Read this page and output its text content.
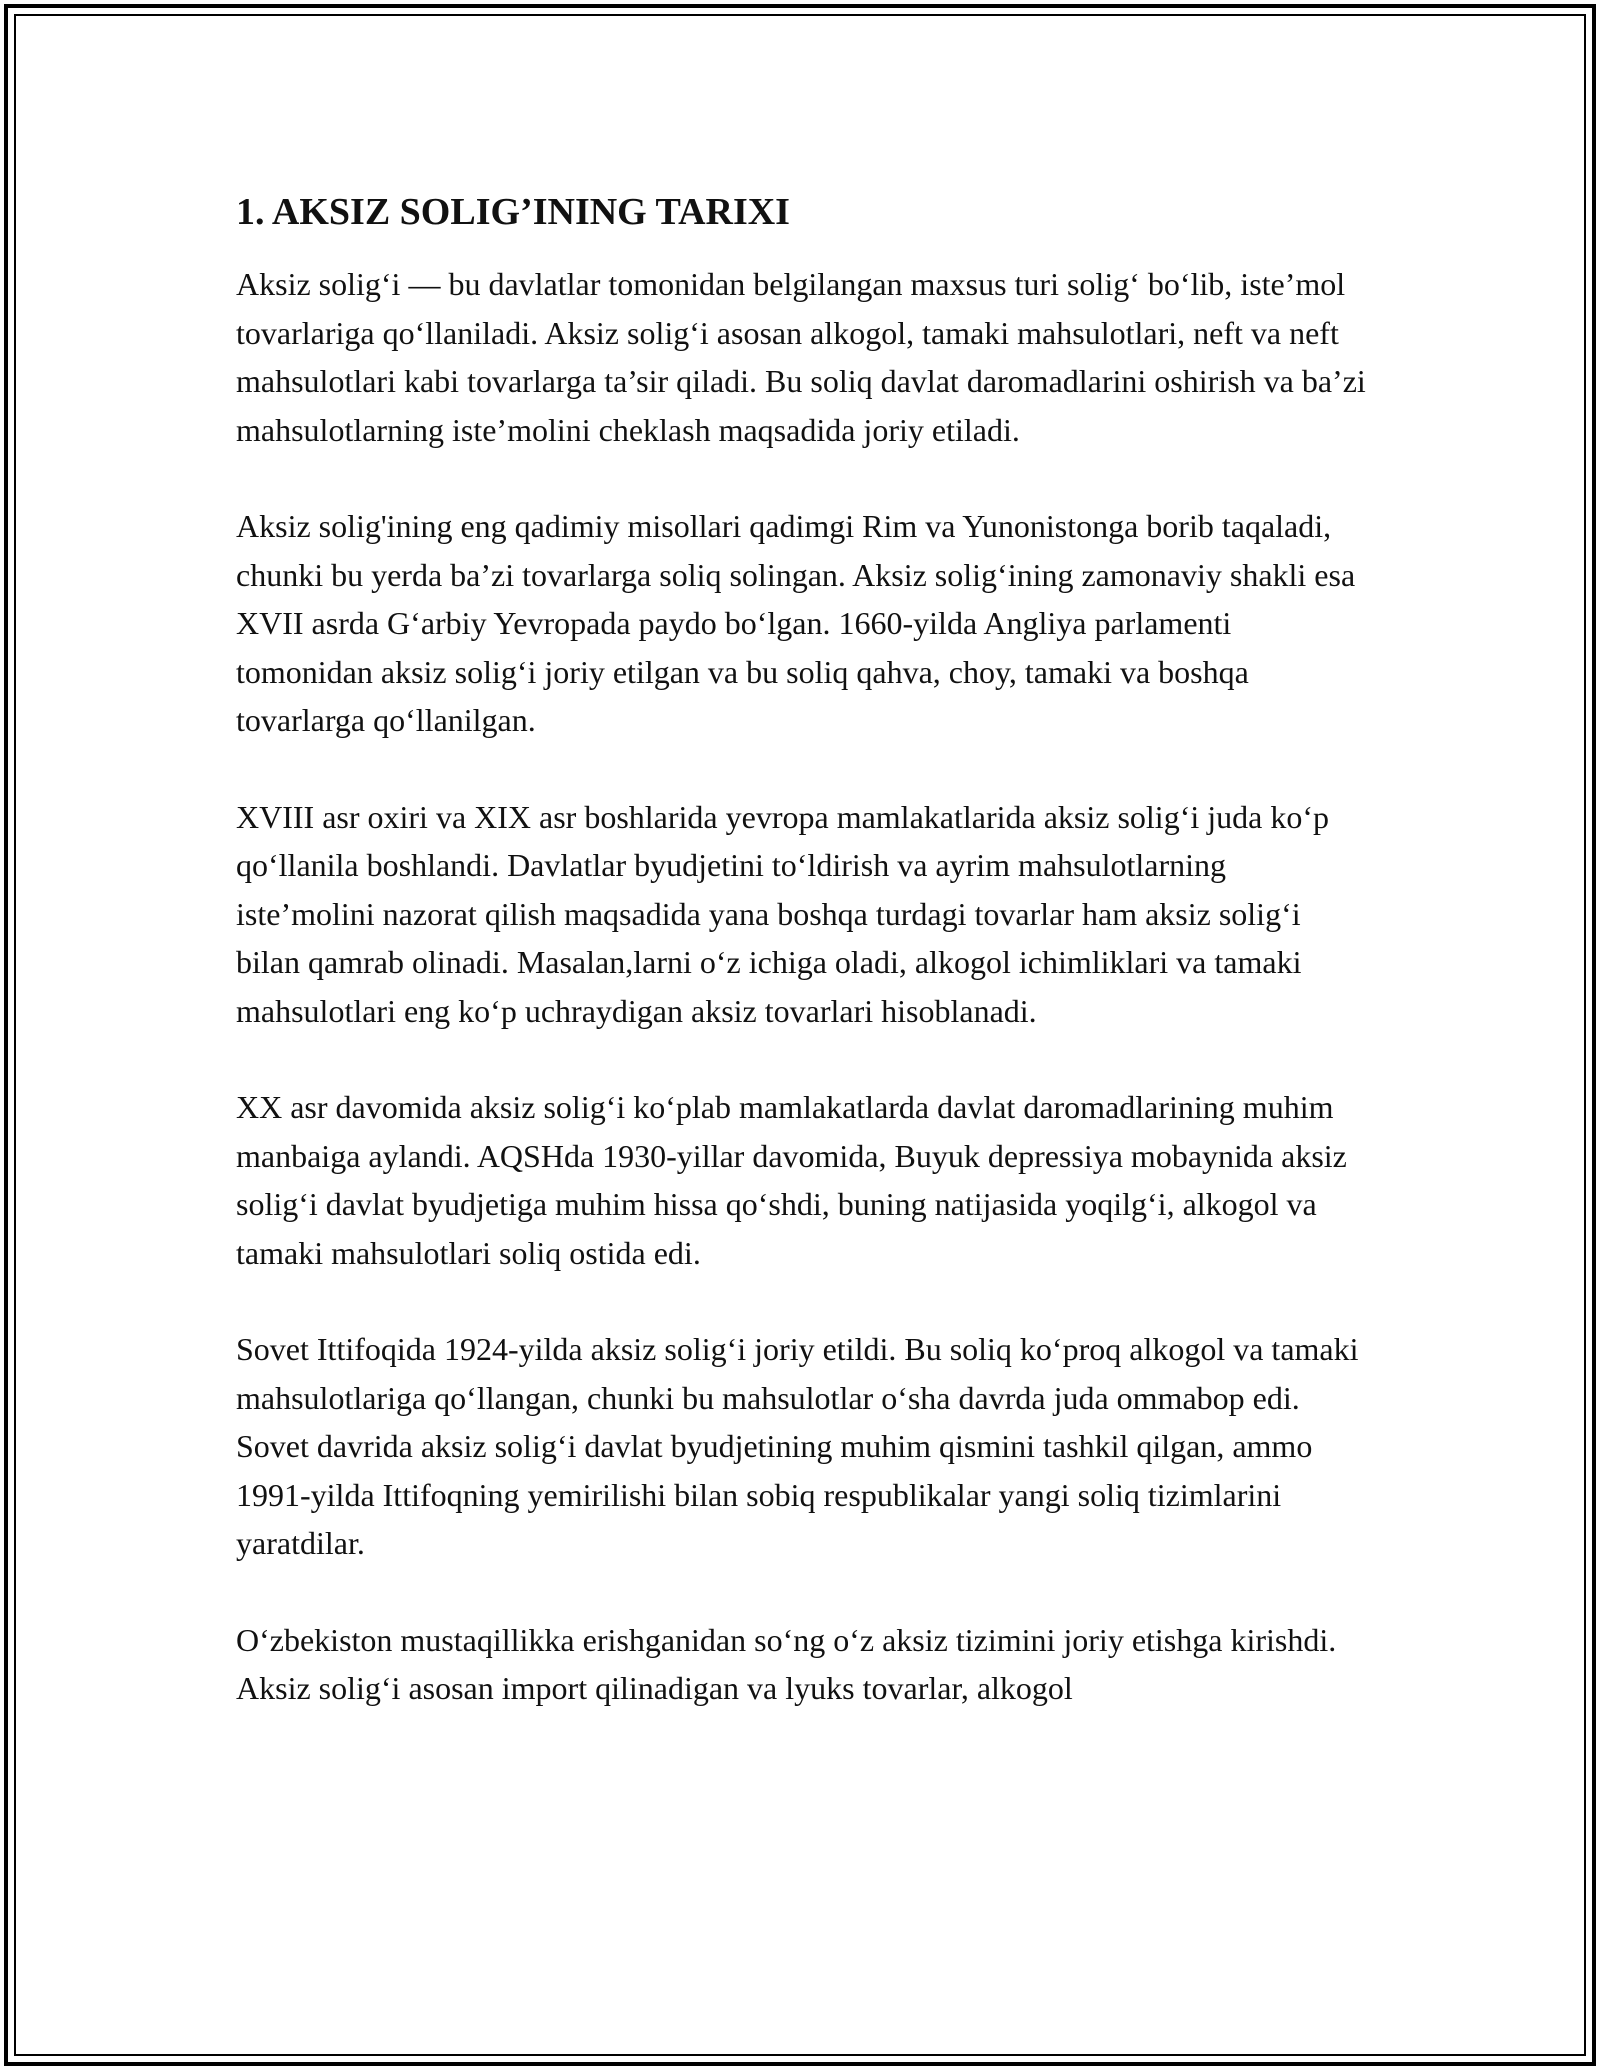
1. AKSIZ SOLIG’INING TARIXI

Aksiz solig‘i — bu davlatlar tomonidan belgilangan maxsus turi solig‘ bo‘lib, iste’mol tovarlariga qo‘llaniladi. Aksiz solig‘i asosan alkogol, tamaki mahsulotlari, neft va neft mahsulotlari kabi tovarlarga ta’sir qiladi. Bu soliq davlat daromadlarini oshirish va ba’zi mahsulotlarning iste’molini cheklash maqsadida joriy etiladi.

Aksiz solig'ining eng qadimiy misollari qadimgi Rim va Yunonistonga borib taqaladi, chunki bu yerda ba’zi tovarlarga soliq solingan. Aksiz solig‘ining zamonaviy shakli esa XVII asrda G‘arbiy Yevropada paydo bo‘lgan. 1660-yilda Angliya parlamenti tomonidan aksiz solig‘i joriy etilgan va bu soliq qahva, choy, tamaki va boshqa tovarlarga qo‘llanilgan.

XVIII asr oxiri va XIX asr boshlarida yevropa mamlakatlarida aksiz solig‘i juda ko‘p qo‘llanila boshlandi. Davlatlar byudjetini to‘ldirish va ayrim mahsulotlarning iste’molini nazorat qilish maqsadida yana boshqa turdagi tovarlar ham aksiz solig‘i bilan qamrab olinadi. Masalan,larni o‘z ichiga oladi, alkogol ichimliklari va tamaki mahsulotlari eng ko‘p uchraydigan aksiz tovarlari hisoblanadi.

XX asr davomida aksiz solig‘i ko‘plab mamlakatlarda davlat daromadlarining muhim manbaiga aylandi. AQSHda 1930-yillar davomida, Buyuk depressiya mobaynida aksiz solig‘i davlat byudjetiga muhim hissa qo‘shdi, buning natijasida yoqilg‘i, alkogol va tamaki mahsulotlari soliq ostida edi.

Sovet Ittifoqida 1924-yilda aksiz solig‘i joriy etildi. Bu soliq ko‘proq alkogol va tamaki mahsulotlariga qo‘llangan, chunki bu mahsulotlar o‘sha davrda juda ommabop edi. Sovet davrida aksiz solig‘i davlat byudjetining muhim qismini tashkil qilgan, ammo 1991-yilda Ittifoqning yemirilishi bilan sobiq respublikalar yangi soliq tizimlarini yaratdilar.

O‘zbekiston mustaqillikka erishganidan so‘ng o‘z aksiz tizimini joriy etishga kirishdi. Aksiz solig‘i asosan import qilinadigan va lyuks tovarlar, alkogol
